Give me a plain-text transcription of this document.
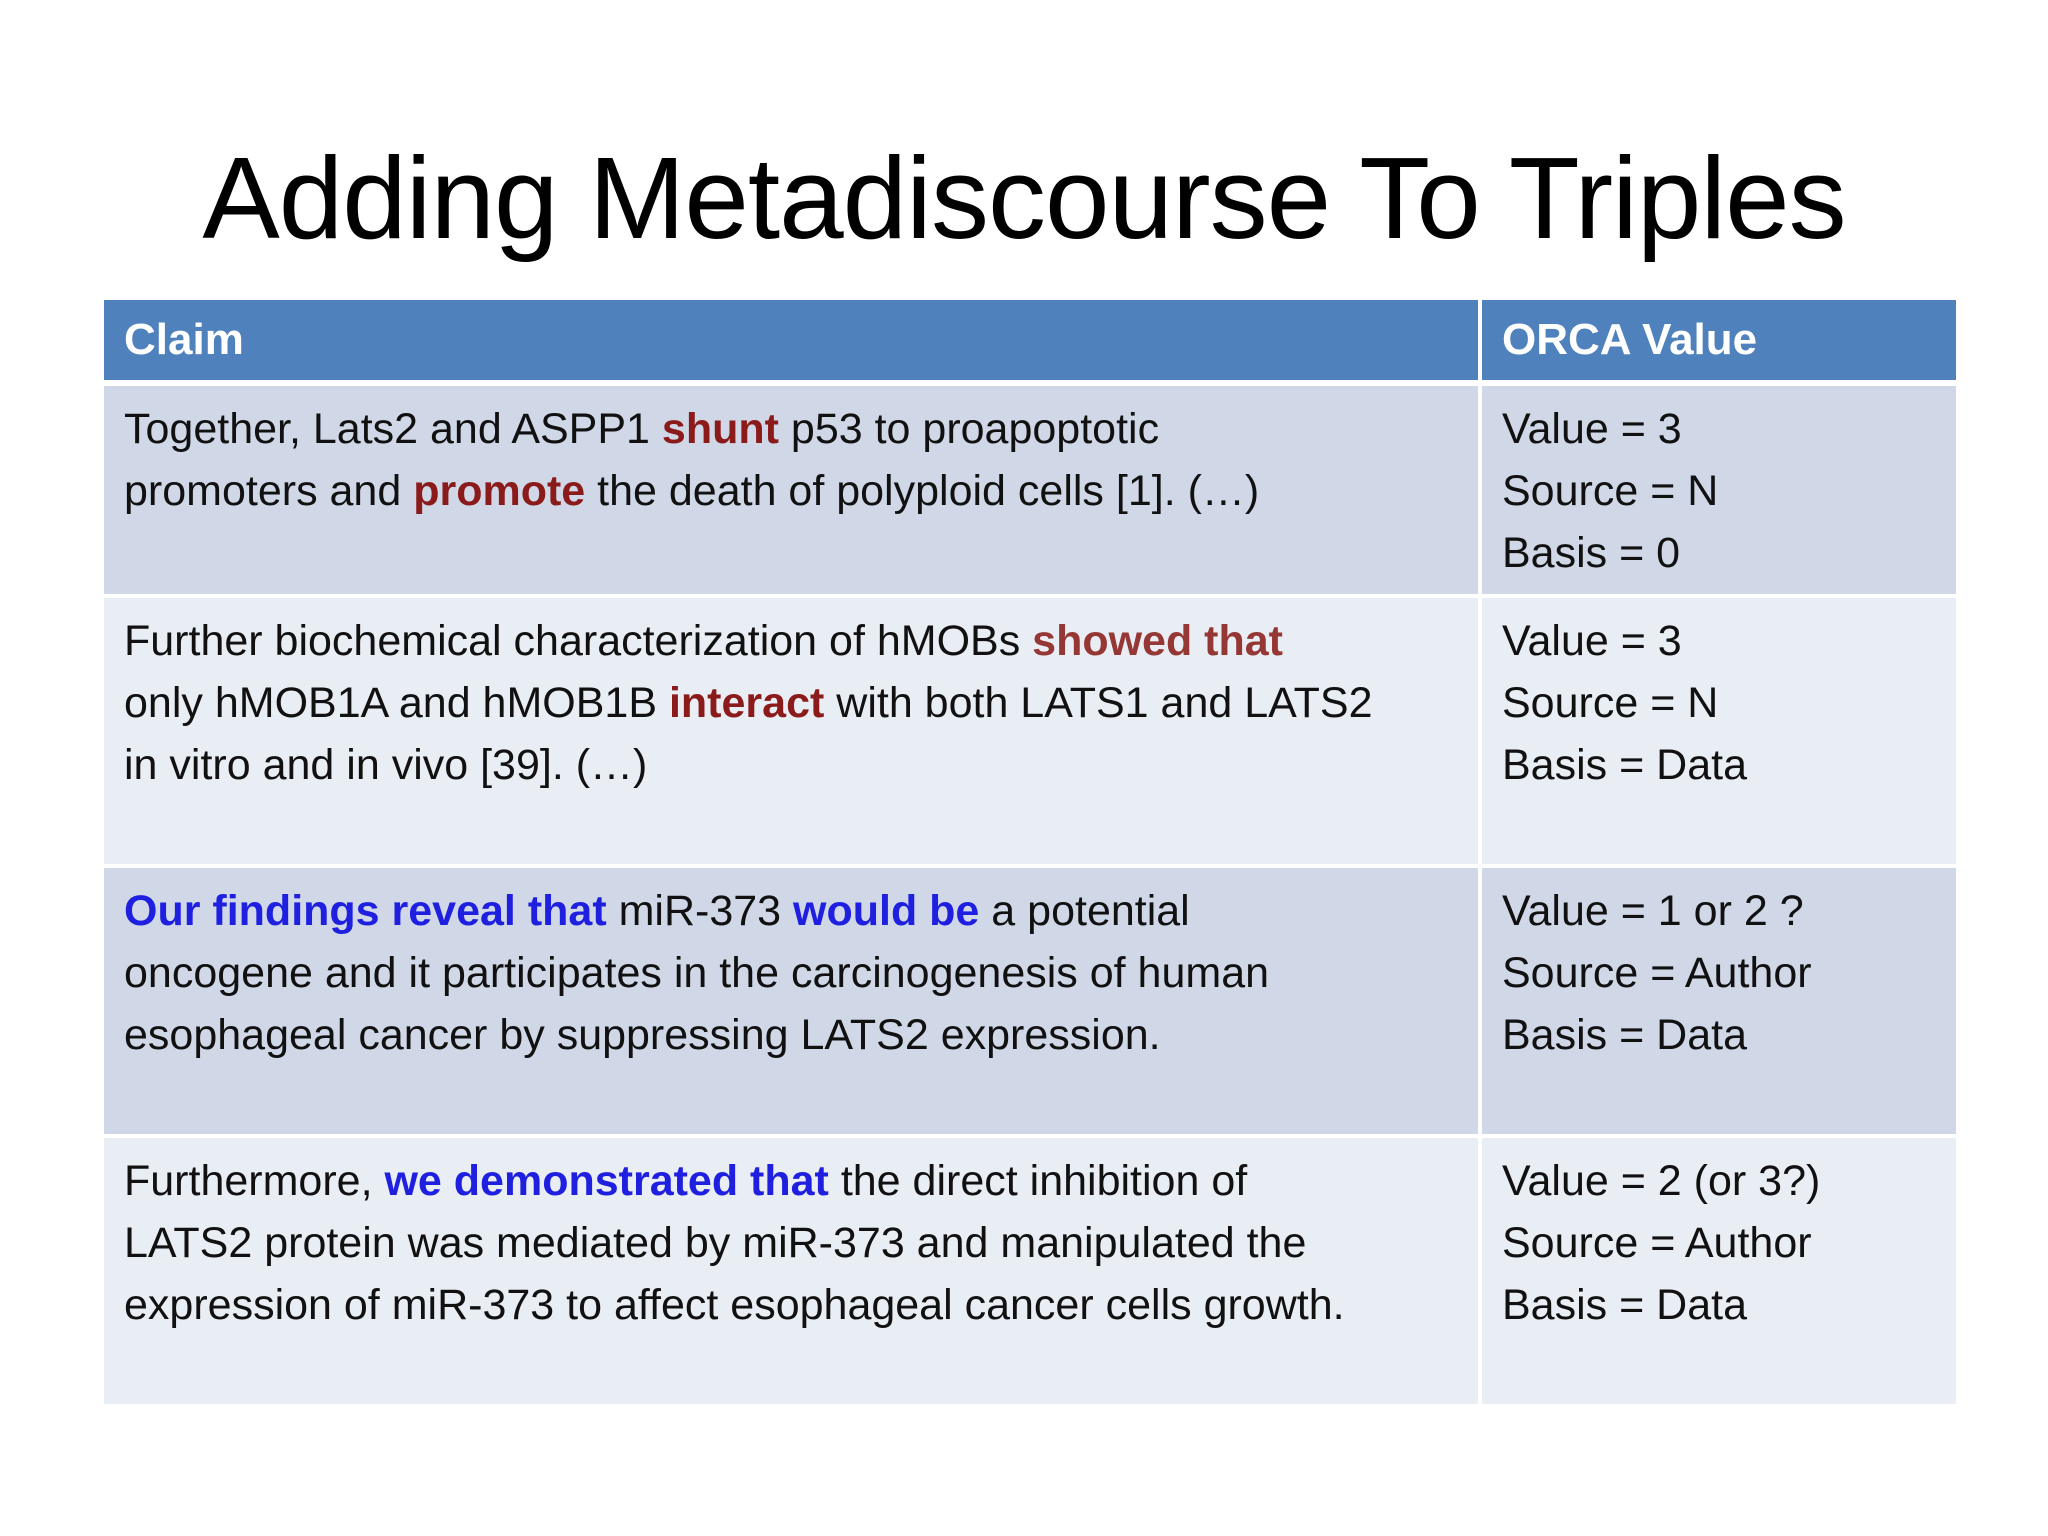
Adding Metadiscourse To Triples
Claim	ORCA Value

Together, Lats2 and ASPP1 shunt p53 to proapoptotic
promoters and promote the death of polyploid cells [1]. (…)	Value = 3
Source = N
Basis = 0

Further biochemical characterization of hMOBs showed that
only hMOB1A and hMOB1B interact with both LATS1 and LATS2
in vitro and in vivo [39]. (…)	Value = 3
Source = N
Basis = Data

Our findings reveal that miR-373 would be a potential
oncogene and it participates in the carcinogenesis of human
esophageal cancer by suppressing LATS2 expression.	Value = 1 or 2 ?
Source = Author
Basis = Data

Furthermore, we demonstrated that the direct inhibition of
LATS2 protein was mediated by miR-373 and manipulated the
expression of miR-373 to affect esophageal cancer cells growth.	Value = 2 (or 3?)
Source = Author
Basis = Data
